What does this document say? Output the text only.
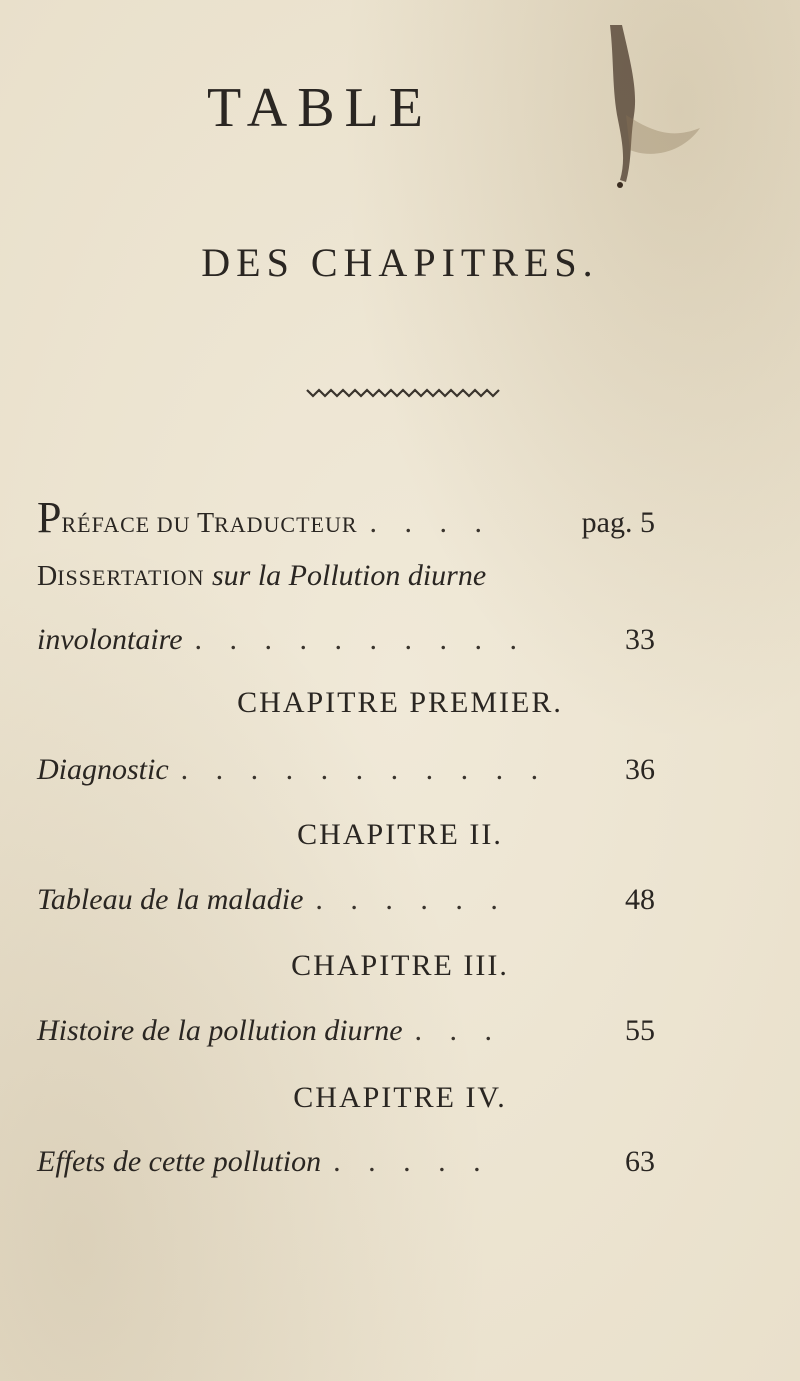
TABLE
DES CHAPITRES.
PRÉFACE DU TRADUCTEUR . . . .	pag. 5
DISSERTATION sur la Pollution diurne
involontaire . . . . . . . . . .	33
CHAPITRE PREMIER.
Diagnostic . . . . . . . . . . .	36
CHAPITRE II.
Tableau de la maladie . . . . . .	48
CHAPITRE III.
Histoire de la pollution diurne . . .	55
CHAPITRE IV.
Effets de cette pollution . . . . .	63
